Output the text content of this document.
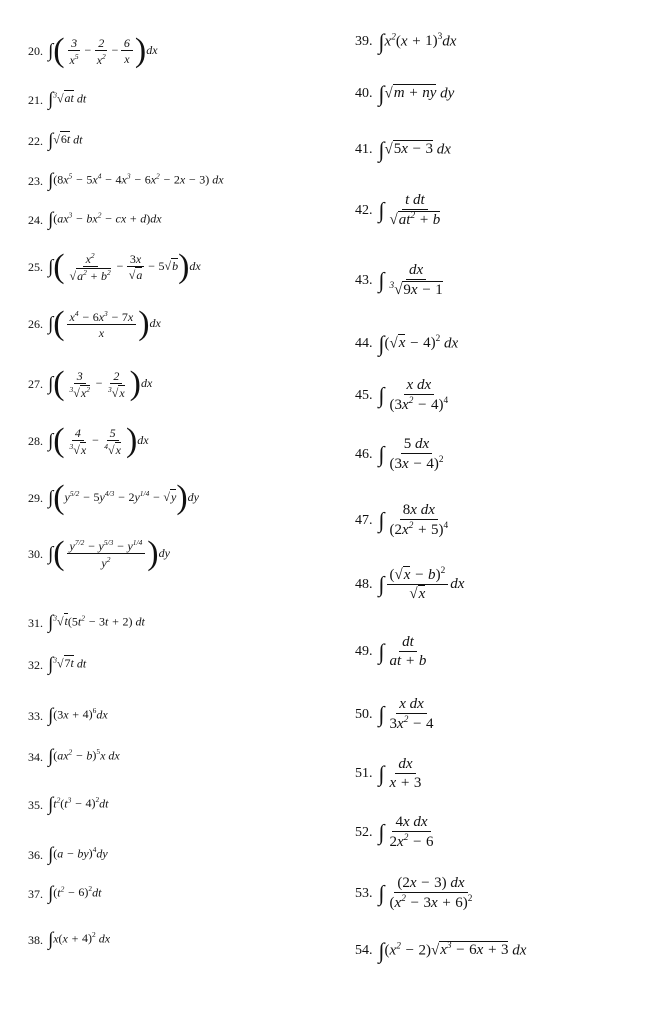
20. ∫( $\frac{3}{x^5} - \frac{2}{x^2} - \frac{6}{x} )dx$
21. ∫$^3$√at dt
22. ∫√6t dt
23. $\int(8x^5 - 5x^4 - 4x^3 - 6x^2 - 2x - 3)$ dx
24. $\int(ax^3 - bx^2$ − cx + d)dx
25. ∫( $\frac{x^2}{√a^2 + b^2} - \frac{3x}{√a} - 5√b)dx$
26. ∫( $\frac{x^4 - 6x^3 - 7x}{x} )dx$
27. ∫( $\frac{3}{^3√x^2} - \frac{2}{^3√x} )dx$
28. ∫( $\frac{4}{^3√x} - \frac{5}{^4√x} )dx$
29. $\int(y^{5/2} - 5y^{4/3} - 2y^{1/4} - √y)dy$
30. ∫( $\frac{y^{7/2} - y^{5/3} - y^{1/4}}{y^2} )dy$
31. $\int^3√t(5t^2 - 3t + 2)$ dt
32. ∫$^3$√7t dt
33. $\int(3x + 4)^6dx$
34. $\int(ax^2 - b)^5x$ dx
35. $\int t^2(t^3 - 4)^2dt$
36. ∫(a − by)$^4$dy
37. $\int(t^2 - 6)^2dt$
38. $\int x(x + 4)^2$ dx
39. $\int x^2(x + 1)^3dx$
40. ∫√m + ny dy
41. ∫√5x − 3 dx
42. ∫ $\frac{\text{t dt}}{√at^2 + b}$
43. ∫ $\frac{dx}{^3√9x - 1}$
44. $\int(√x - 4)^2$ dx
45. ∫ $\frac{\text{x dx}}{(3x^2 - 4)^4}$
46. ∫ $\frac{5 dx}{(3x - 4)^2}$
47. ∫ $\frac{\text{8x dx}}{(2x^2 + 5)^4}$
48. ∫ $\frac{(√x - b)^2}{√x}$ dx
49. ∫ $\frac{dt}{at + b}$
50. ∫ $\frac{\text{x dx}}{3x^2 - 4}$
51. ∫ $\frac{dx}{x + 3}$
52. ∫ $\frac{\text{4x dx}}{2x^2 - 6}$
53. ∫ $\frac{(2x - 3) dx}{(x^2 - 3x + 6)^2}$
54. $\int(x^2 - 2)√x^3 - 6x + 3$ dx
